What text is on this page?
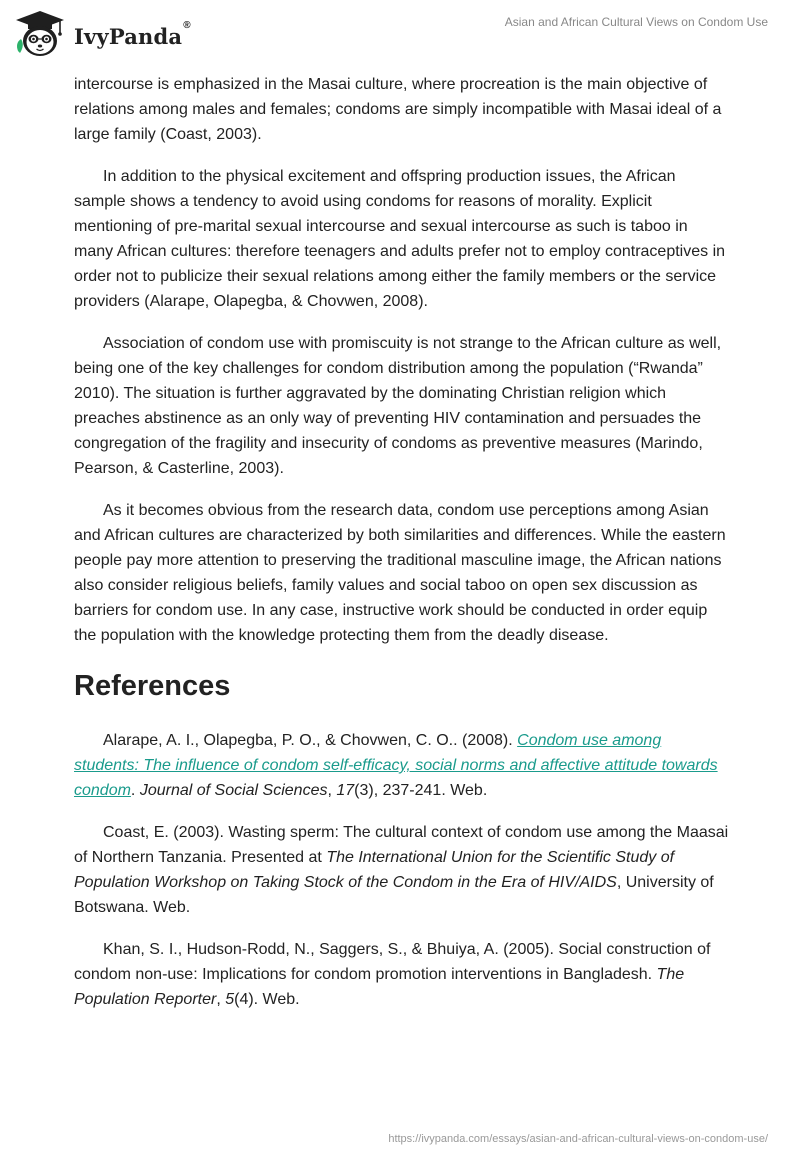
IvyPanda®	Asian and African Cultural Views on Condom Use

intercourse is emphasized in the Masai culture, where procreation is the main objective of relations among males and females; condoms are simply incompatible with Masai ideal of a large family (Coast, 2003).

In addition to the physical excitement and offspring production issues, the African sample shows a tendency to avoid using condoms for reasons of morality. Explicit mentioning of pre-marital sexual intercourse and sexual intercourse as such is taboo in many African cultures: therefore teenagers and adults prefer not to employ contraceptives in order not to publicize their sexual relations among either the family members or the service providers (Alarape, Olapegba, & Chovwen, 2008).

Association of condom use with promiscuity is not strange to the African culture as well, being one of the key challenges for condom distribution among the population (“Rwanda” 2010). The situation is further aggravated by the dominating Christian religion which preaches abstinence as an only way of preventing HIV contamination and persuades the congregation of the fragility and insecurity of condoms as preventive measures (Marindo, Pearson, & Casterline, 2003).

As it becomes obvious from the research data, condom use perceptions among Asian and African cultures are characterized by both similarities and differences. While the eastern people pay more attention to preserving the traditional masculine image, the African nations also consider religious beliefs, family values and social taboo on open sex discussion as barriers for condom use. In any case, instructive work should be conducted in order equip the population with the knowledge protecting them from the deadly disease.

References

Alarape, A. I., Olapegba, P. O., & Chovwen, C. O.. (2008). Condom use among students: The influence of condom self-efficacy, social norms and affective attitude towards condom. Journal of Social Sciences, 17(3), 237-241. Web.

Coast, E. (2003). Wasting sperm: The cultural context of condom use among the Maasai of Northern Tanzania. Presented at The International Union for the Scientific Study of Population Workshop on Taking Stock of the Condom in the Era of HIV/AIDS, University of Botswana. Web.

Khan, S. I., Hudson-Rodd, N., Saggers, S., & Bhuiya, A. (2005). Social construction of condom non-use: Implications for condom promotion interventions in Bangladesh. The Population Reporter, 5(4). Web.

https://ivypanda.com/essays/asian-and-african-cultural-views-on-condom-use/
